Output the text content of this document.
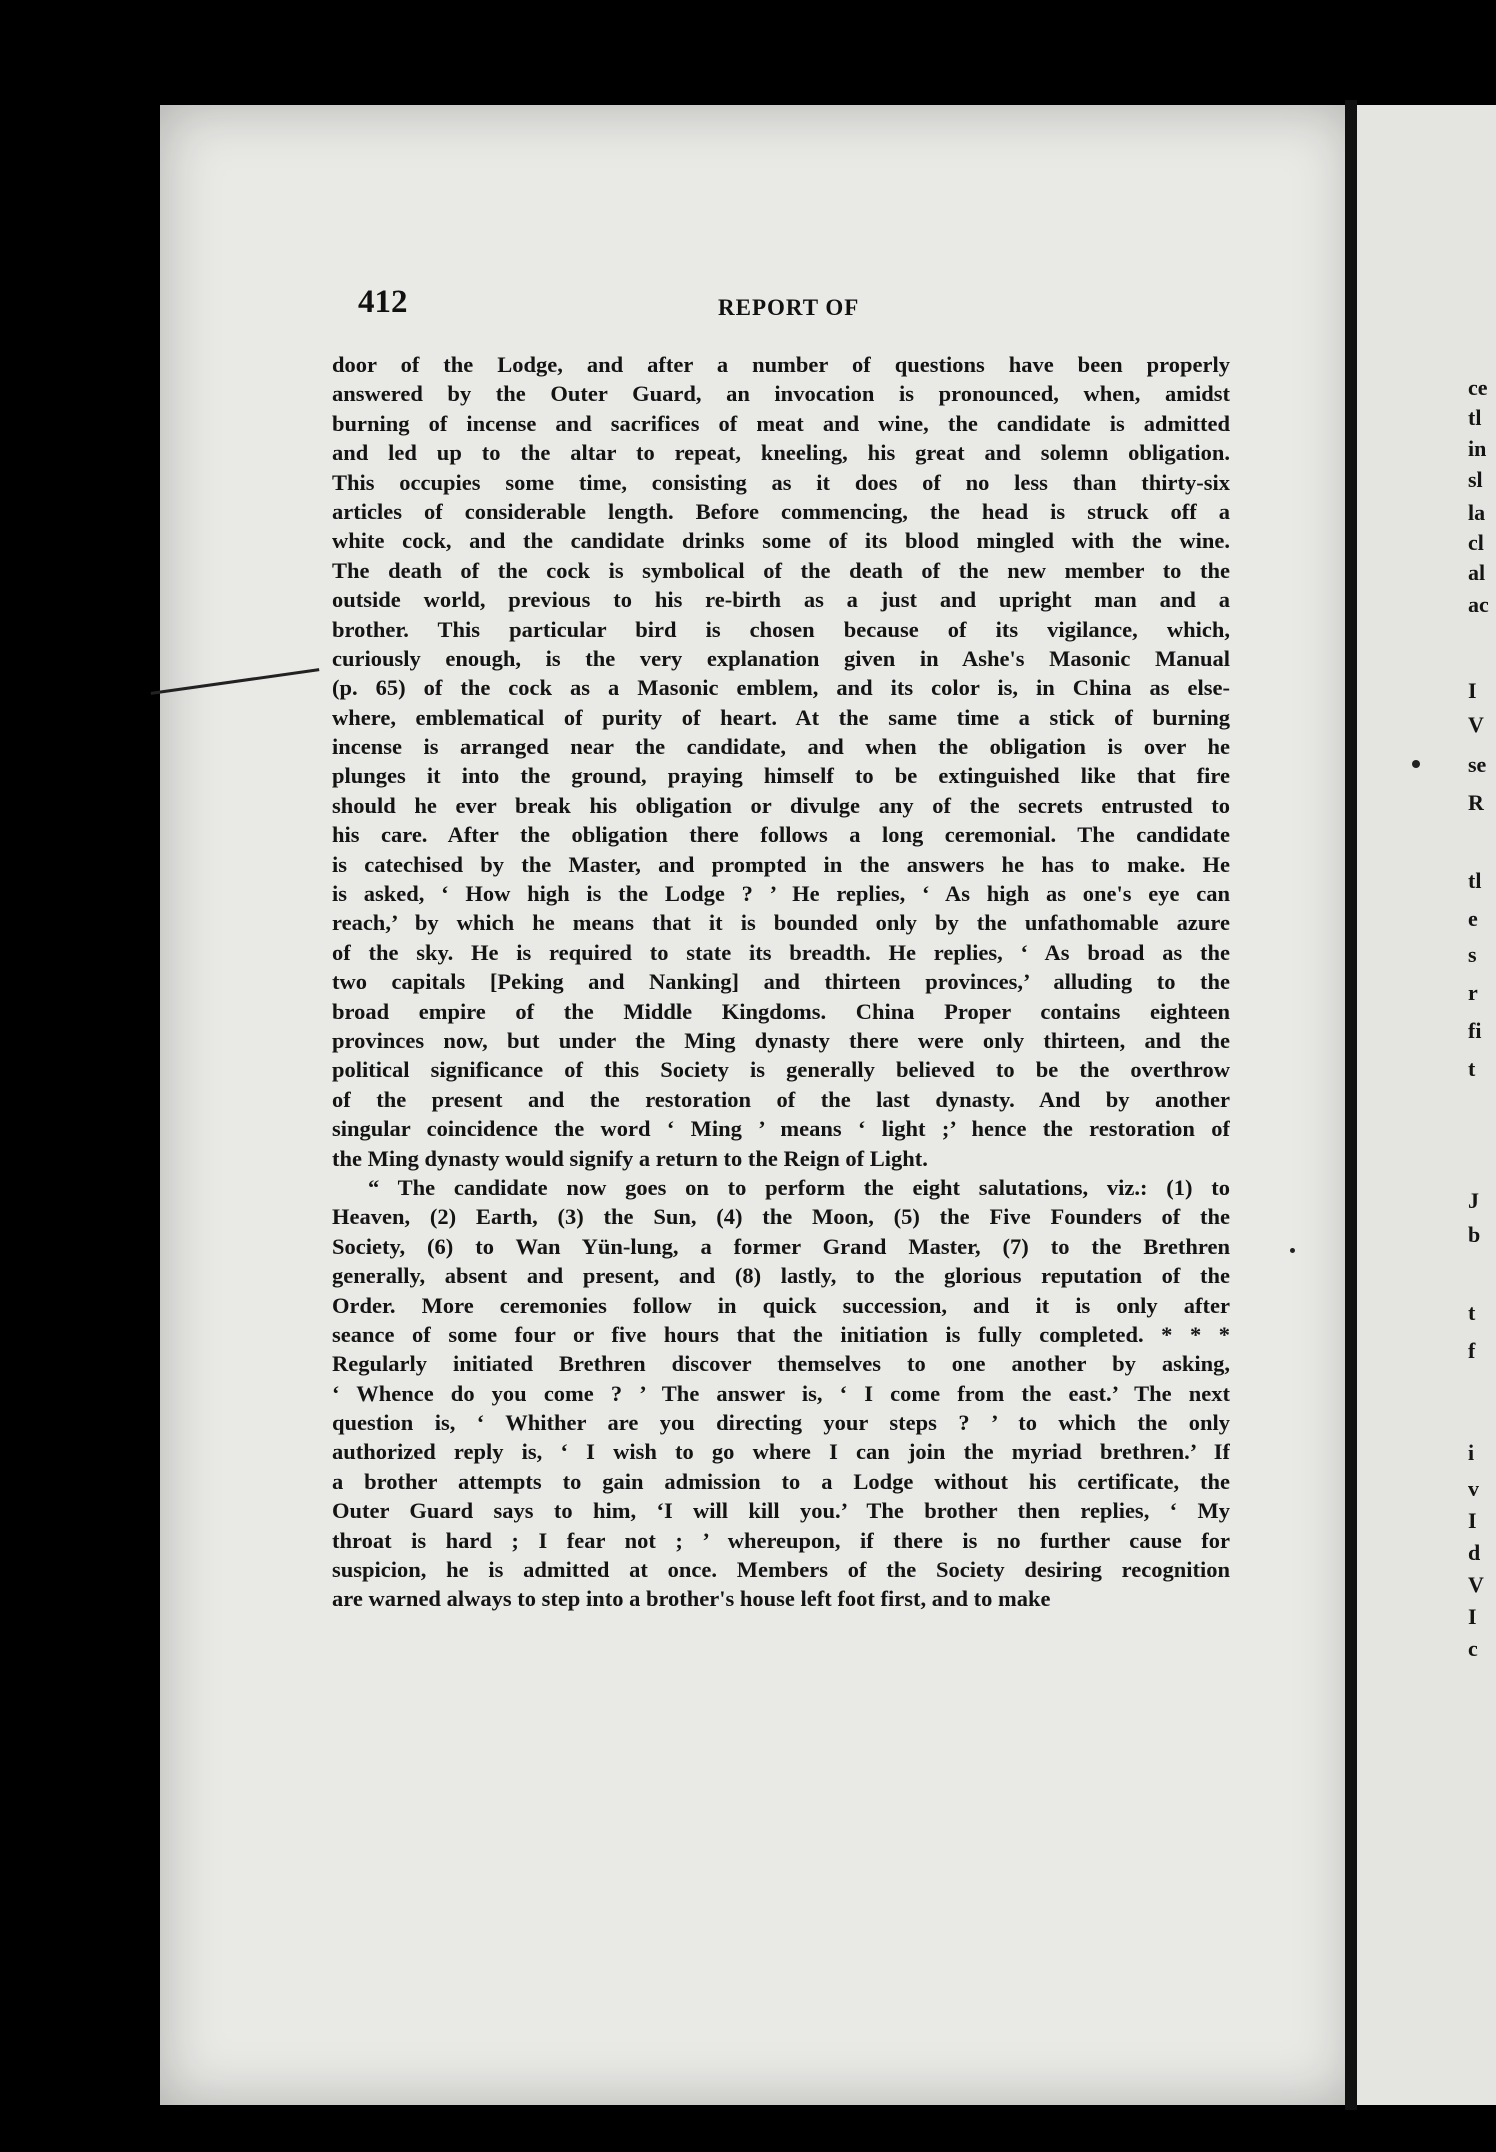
412	REPORT OF
door of the Lodge, and after a number of questions have been properly
answered by the Outer Guard, an invocation is pronounced, when, amidst
burning of incense and sacrifices of meat and wine, the candidate is admitted
and led up to the altar to repeat, kneeling, his great and solemn obligation.
This occupies some time, consisting as it does of no less than thirty-six
articles of considerable length. Before commencing, the head is struck off a
white cock, and the candidate drinks some of its blood mingled with the wine.
The death of the cock is symbolical of the death of the new member to the
outside world, previous to his re-birth as a just and upright man and a
brother. This particular bird is chosen because of its vigilance, which,
curiously enough, is the very explanation given in Ashe's Masonic Manual
(p. 65) of the cock as a Masonic emblem, and its color is, in China as else-
where, emblematical of purity of heart. At the same time a stick of burning
incense is arranged near the candidate, and when the obligation is over he
plunges it into the ground, praying himself to be extinguished like that fire
should he ever break his obligation or divulge any of the secrets entrusted to
his care. After the obligation there follows a long ceremonial. The candidate
is catechised by the Master, and prompted in the answers he has to make. He
is asked, ‘ How high is the Lodge ? ’ He replies, ‘ As high as one's eye can
reach,’ by which he means that it is bounded only by the unfathomable azure
of the sky. He is required to state its breadth. He replies, ‘ As broad as the
two capitals [Peking and Nanking] and thirteen provinces,’ alluding to the
broad empire of the Middle Kingdoms. China Proper contains eighteen
provinces now, but under the Ming dynasty there were only thirteen, and the
political significance of this Society is generally believed to be the overthrow
of the present and the restoration of the last dynasty. And by another
singular coincidence the word ‘ Ming ’ means ‘ light ;’ hence the restoration of
the Ming dynasty would signify a return to the Reign of Light.
“ The candidate now goes on to perform the eight salutations, viz.: (1) to
Heaven, (2) Earth, (3) the Sun, (4) the Moon, (5) the Five Founders of the
Society, (6) to Wan Yün-lung, a former Grand Master, (7) to the Brethren
generally, absent and present, and (8) lastly, to the glorious reputation of the
Order. More ceremonies follow in quick succession, and it is only after
seance of some four or five hours that the initiation is fully completed. * * *
Regularly initiated Brethren discover themselves to one another by asking,
‘ Whence do you come ? ’ The answer is, ‘ I come from the east.’ The next
question is, ‘ Whither are you directing your steps ? ’ to which the only
authorized reply is, ‘ I wish to go where I can join the myriad brethren.’ If
a brother attempts to gain admission to a Lodge without his certificate, the
Outer Guard says to him, ‘I will kill you.’ The brother then replies, ‘ My
throat is hard ; I fear not ; ’ whereupon, if there is no further cause for
suspicion, he is admitted at once. Members of the Society desiring recognition
are warned always to step into a brother's house left foot first, and to make
ce
tl
in
sl
la
cl
al
ac
I
V
se
R
tl
e
s
r
fi
t
J
b
t
f
i
v
I
d
V
I
c
